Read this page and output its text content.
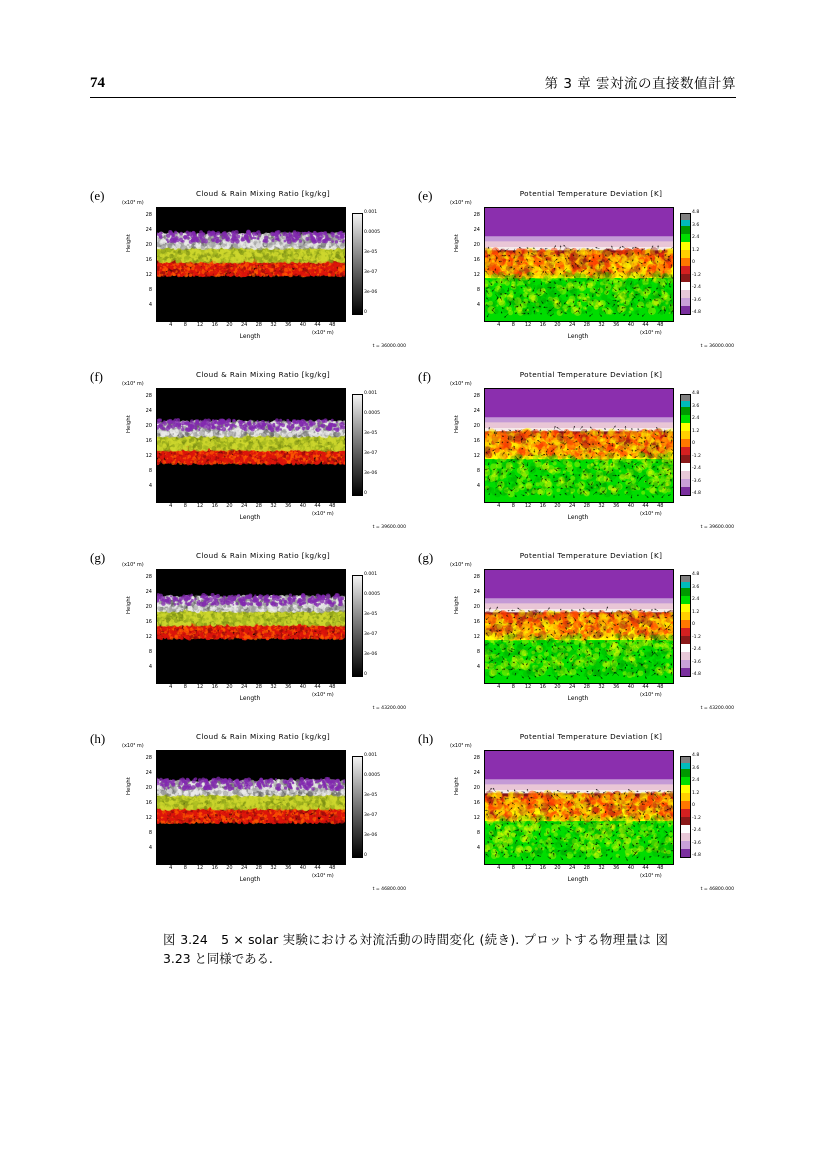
74	第 3 章 雲対流の直接数値計算
(e)	Cloud & Rain Mixing Ratio [kg/kg]
(x10³ m)
Height
4
8
12
16
20
24
28
4	8	12	16	20	24	28	32	36	40	44	48
(x10⁴ m)
Length
t = 36000.000
0.001
0.0005
3e-05
3e-07
3e-06
0
(e)	Potential Temperature Deviation [K]
(x10³ m)
Height
4
8
12
16
20
24
28
4	8	12	16	20	24	28	32	36	40	44	48
(x10⁴ m)
Length
t = 36000.000
4.8
3.6
2.4
1.2
0
-1.2
-2.4
-3.6
-4.8
(f)	Cloud & Rain Mixing Ratio [kg/kg]
(x10³ m)
Height
4
8
12
16
20
24
28
4	8	12	16	20	24	28	32	36	40	44	48
(x10⁴ m)
Length
t = 39600.000
0.001
0.0005
3e-05
3e-07
3e-06
0
(f)	Potential Temperature Deviation [K]
(x10³ m)
Height
4
8
12
16
20
24
28
4	8	12	16	20	24	28	32	36	40	44	48
(x10⁴ m)
Length
t = 39600.000
4.8
3.6
2.4
1.2
0
-1.2
-2.4
-3.6
-4.8
(g)	Cloud & Rain Mixing Ratio [kg/kg]
(x10³ m)
Height
4
8
12
16
20
24
28
4	8	12	16	20	24	28	32	36	40	44	48
(x10⁴ m)
Length
t = 43200.000
0.001
0.0005
3e-05
3e-07
3e-06
0
(g)	Potential Temperature Deviation [K]
(x10³ m)
Height
4
8
12
16
20
24
28
4	8	12	16	20	24	28	32	36	40	44	48
(x10⁴ m)
Length
t = 43200.000
4.8
3.6
2.4
1.2
0
-1.2
-2.4
-3.6
-4.8
(h)	Cloud & Rain Mixing Ratio [kg/kg]
(x10³ m)
Height
4
8
12
16
20
24
28
4	8	12	16	20	24	28	32	36	40	44	48
(x10⁴ m)
Length
t = 46800.000
0.001
0.0005
3e-05
3e-07
3e-06
0
(h)	Potential Temperature Deviation [K]
(x10³ m)
Height
4
8
12
16
20
24
28
4	8	12	16	20	24	28	32	36	40	44	48
(x10⁴ m)
Length
t = 46800.000
4.8
3.6
2.4
1.2
0
-1.2
-2.4
-3.6
-4.8
図 3.24　5 × solar 実験における対流活動の時間変化 (続き). プロットする物理量は 図 3.23 と同様である.
